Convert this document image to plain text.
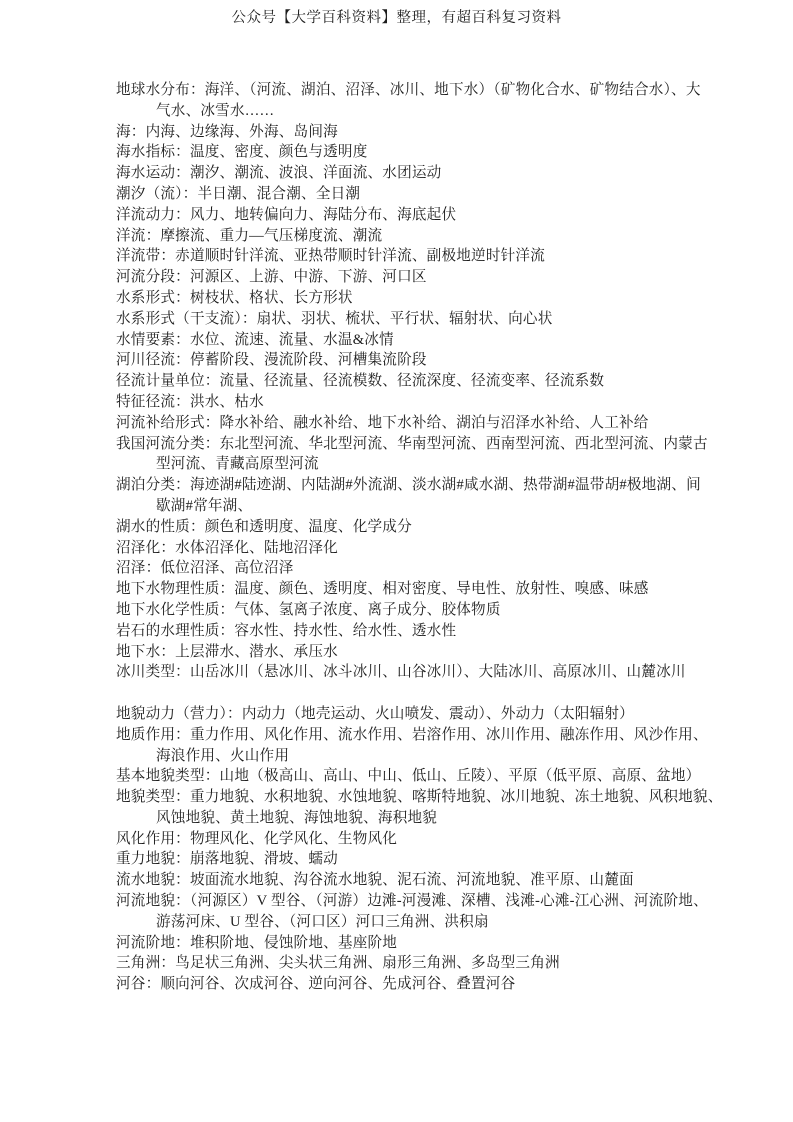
公众号【大学百科资料】整理，有超百科复习资料
地球水分布：海洋、（河流、湖泊、沼泽、冰川、地下水）（矿物化合水、矿物结合水）、大
气水、冰雪水……
海：内海、边缘海、外海、岛间海
海水指标：温度、密度、颜色与透明度
海水运动：潮汐、潮流、波浪、洋面流、水团运动
潮汐（流）：半日潮、混合潮、全日潮
洋流动力：风力、地转偏向力、海陆分布、海底起伏
洋流：摩擦流、重力—气压梯度流、潮流
洋流带：赤道顺时针洋流、亚热带顺时针洋流、副极地逆时针洋流
河流分段：河源区、上游、中游、下游、河口区
水系形式：树枝状、格状、长方形状
水系形式（干支流）：扇状、羽状、梳状、平行状、辐射状、向心状
水情要素：水位、流速、流量、水温&冰情
河川径流：停蓄阶段、漫流阶段、河槽集流阶段
径流计量单位：流量、径流量、径流模数、径流深度、径流变率、径流系数
特征径流：洪水、枯水
河流补给形式：降水补给、融水补给、地下水补给、湖泊与沼泽水补给、人工补给
我国河流分类：东北型河流、华北型河流、华南型河流、西南型河流、西北型河流、内蒙古
型河流、青藏高原型河流
湖泊分类：海迹湖#陆迹湖、内陆湖#外流湖、淡水湖#咸水湖、热带湖#温带胡#极地湖、间
歇湖#常年湖、
湖水的性质：颜色和透明度、温度、化学成分
沼泽化：水体沼泽化、陆地沼泽化
沼泽：低位沼泽、高位沼泽
地下水物理性质：温度、颜色、透明度、相对密度、导电性、放射性、嗅感、味感
地下水化学性质：气体、氢离子浓度、离子成分、胶体物质
岩石的水理性质：容水性、持水性、给水性、透水性
地下水：上层滞水、潜水、承压水
冰川类型：山岳冰川（悬冰川、冰斗冰川、山谷冰川）、大陆冰川、高原冰川、山麓冰川
地貌动力（营力）：内动力（地壳运动、火山喷发、震动）、外动力（太阳辐射）
地质作用：重力作用、风化作用、流水作用、岩溶作用、冰川作用、融冻作用、风沙作用、
海浪作用、火山作用
基本地貌类型：山地（极高山、高山、中山、低山、丘陵）、平原（低平原、高原、盆地）
地貌类型：重力地貌、水积地貌、水蚀地貌、喀斯特地貌、冰川地貌、冻土地貌、风积地貌、
风蚀地貌、黄土地貌、海蚀地貌、海积地貌
风化作用：物理风化、化学风化、生物风化
重力地貌：崩落地貌、滑坡、蠕动
流水地貌：坡面流水地貌、沟谷流水地貌、泥石流、河流地貌、准平原、山麓面
河流地貌：（河源区）V 型谷、（河游）边滩-河漫滩、深槽、浅滩-心滩-江心洲、河流阶地、
游荡河床、U 型谷、（河口区）河口三角洲、洪积扇
河流阶地：堆积阶地、侵蚀阶地、基座阶地
三角洲：鸟足状三角洲、尖头状三角洲、扇形三角洲、多岛型三角洲
河谷：顺向河谷、次成河谷、逆向河谷、先成河谷、叠置河谷
